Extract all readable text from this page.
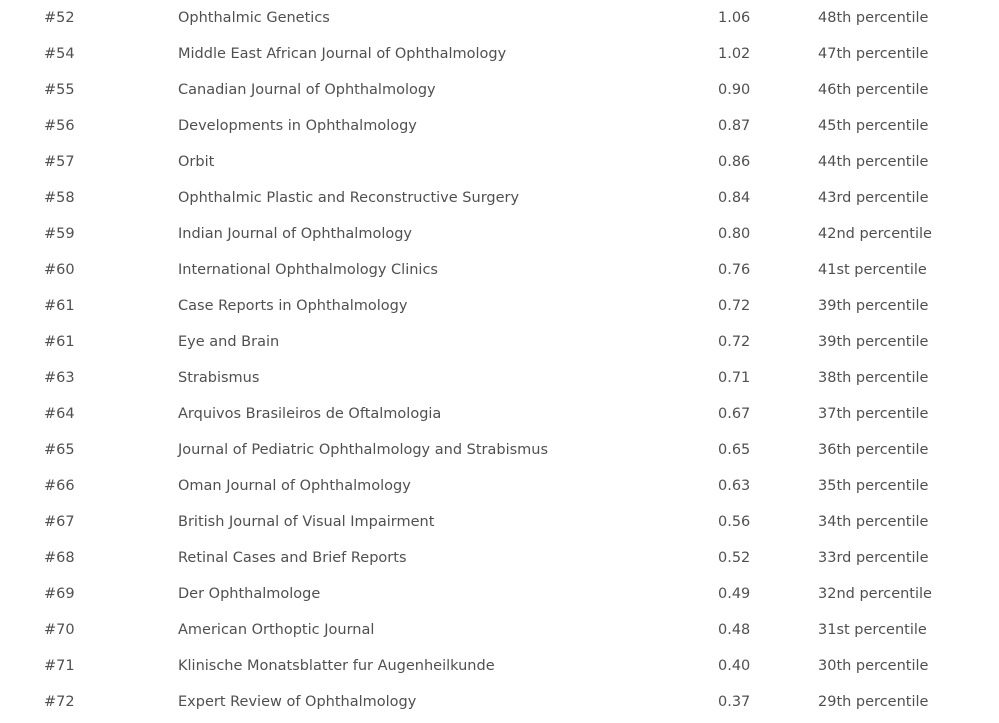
#52	Ophthalmic Genetics	1.06	48th percentile
#54	Middle East African Journal of Ophthalmology	1.02	47th percentile
#55	Canadian Journal of Ophthalmology	0.90	46th percentile
#56	Developments in Ophthalmology	0.87	45th percentile
#57	Orbit	0.86	44th percentile
#58	Ophthalmic Plastic and Reconstructive Surgery	0.84	43rd percentile
#59	Indian Journal of Ophthalmology	0.80	42nd percentile
#60	International Ophthalmology Clinics	0.76	41st percentile
#61	Case Reports in Ophthalmology	0.72	39th percentile
#61	Eye and Brain	0.72	39th percentile
#63	Strabismus	0.71	38th percentile
#64	Arquivos Brasileiros de Oftalmologia	0.67	37th percentile
#65	Journal of Pediatric Ophthalmology and Strabismus	0.65	36th percentile
#66	Oman Journal of Ophthalmology	0.63	35th percentile
#67	British Journal of Visual Impairment	0.56	34th percentile
#68	Retinal Cases and Brief Reports	0.52	33rd percentile
#69	Der Ophthalmologe	0.49	32nd percentile
#70	American Orthoptic Journal	0.48	31st percentile
#71	Klinische Monatsblatter fur Augenheilkunde	0.40	30th percentile
#72	Expert Review of Ophthalmology	0.37	29th percentile
